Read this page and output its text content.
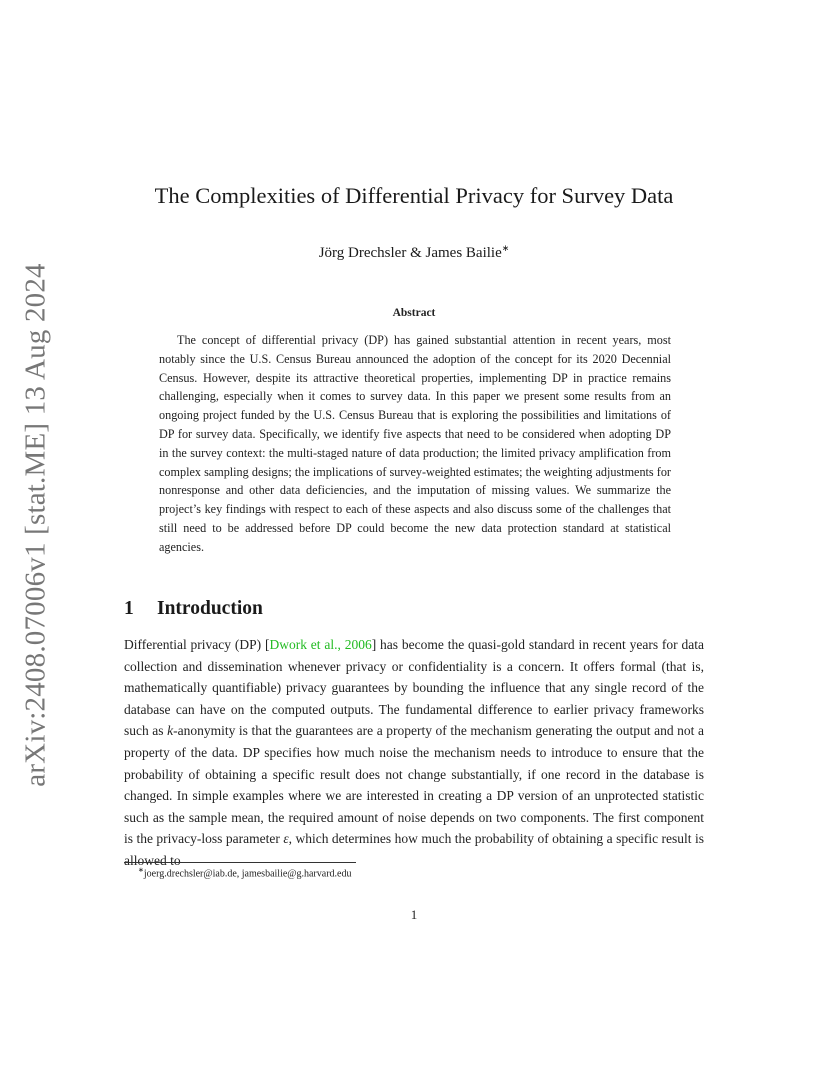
arXiv:2408.07006v1 [stat.ME] 13 Aug 2024
The Complexities of Differential Privacy for Survey Data
Jörg Drechsler & James Bailie∗
Abstract

The concept of differential privacy (DP) has gained substantial attention in recent years, most notably since the U.S. Census Bureau announced the adoption of the concept for its 2020 Decennial Census. However, despite its attractive theoretical properties, implementing DP in practice remains challenging, especially when it comes to survey data. In this paper we present some results from an ongoing project funded by the U.S. Census Bureau that is exploring the possibilities and limitations of DP for survey data. Specifically, we identify five aspects that need to be considered when adopting DP in the survey context: the multi-staged nature of data production; the limited privacy amplification from complex sampling designs; the implications of survey-weighted estimates; the weighting adjustments for nonresponse and other data deficiencies, and the imputation of missing values. We summarize the project’s key findings with respect to each of these aspects and also discuss some of the challenges that still need to be addressed before DP could become the new data protection standard at statistical agencies.

1 Introduction

Differential privacy (DP) [Dwork et al., 2006] has become the quasi-gold standard in recent years for data collection and dissemination whenever privacy or confidentiality is a concern. It offers formal (that is, mathematically quantifiable) privacy guarantees by bounding the influence that any single record of the database can have on the computed outputs. The fundamental difference to earlier privacy frameworks such as k-anonymity is that the guarantees are a property of the mechanism generating the output and not a property of the data. DP specifies how much noise the mechanism needs to introduce to ensure that the probability of obtaining a specific result does not change substantially, if one record in the database is changed. In simple examples where we are interested in creating a DP version of an unprotected statistic such as the sample mean, the required amount of noise depends on two components. The first component is the privacy-loss parameter ε, which determines how much the probability of obtaining a specific result is allowed to

∗joerg.drechsler@iab.de, jamesbailie@g.harvard.edu
1
